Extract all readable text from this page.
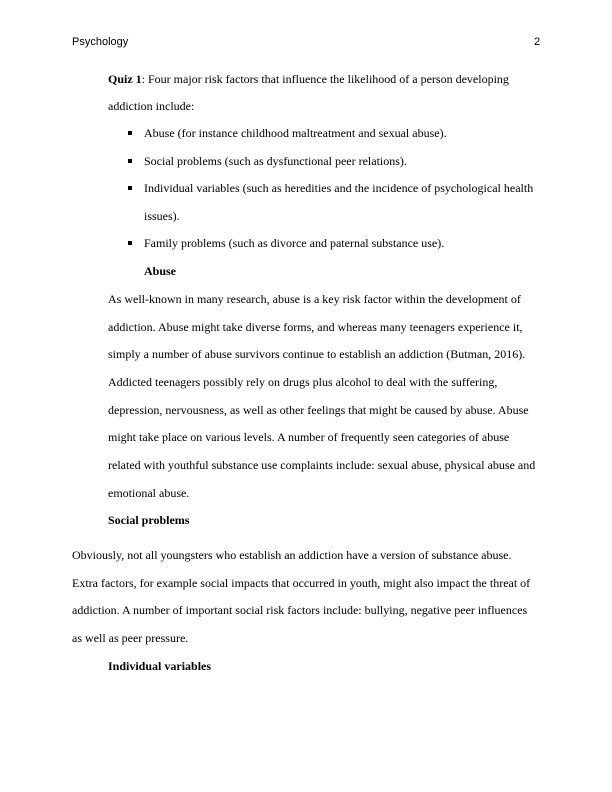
Psychology	2
Quiz 1: Four major risk factors that influence the likelihood of a person developing
addiction include:
Abuse (for instance childhood maltreatment and sexual abuse).
Social problems (such as dysfunctional peer relations).
Individual variables (such as heredities and the incidence of psychological health
issues).
Family problems (such as divorce and paternal substance use).
Abuse
As well-known in many research, abuse is a key risk factor within the development of
addiction. Abuse might take diverse forms, and whereas many teenagers experience it,
simply a number of abuse survivors continue to establish an addiction (Butman, 2016).
Addicted teenagers possibly rely on drugs plus alcohol to deal with the suffering,
depression, nervousness, as well as other feelings that might be caused by abuse. Abuse
might take place on various levels. A number of frequently seen categories of abuse
related with youthful substance use complaints include: sexual abuse, physical abuse and
emotional abuse.
Social problems
Obviously, not all youngsters who establish an addiction have a version of substance abuse.
Extra factors, for example social impacts that occurred in youth, might also impact the threat of
addiction. A number of important social risk factors include: bullying, negative peer influences
as well as peer pressure.
Individual variables
